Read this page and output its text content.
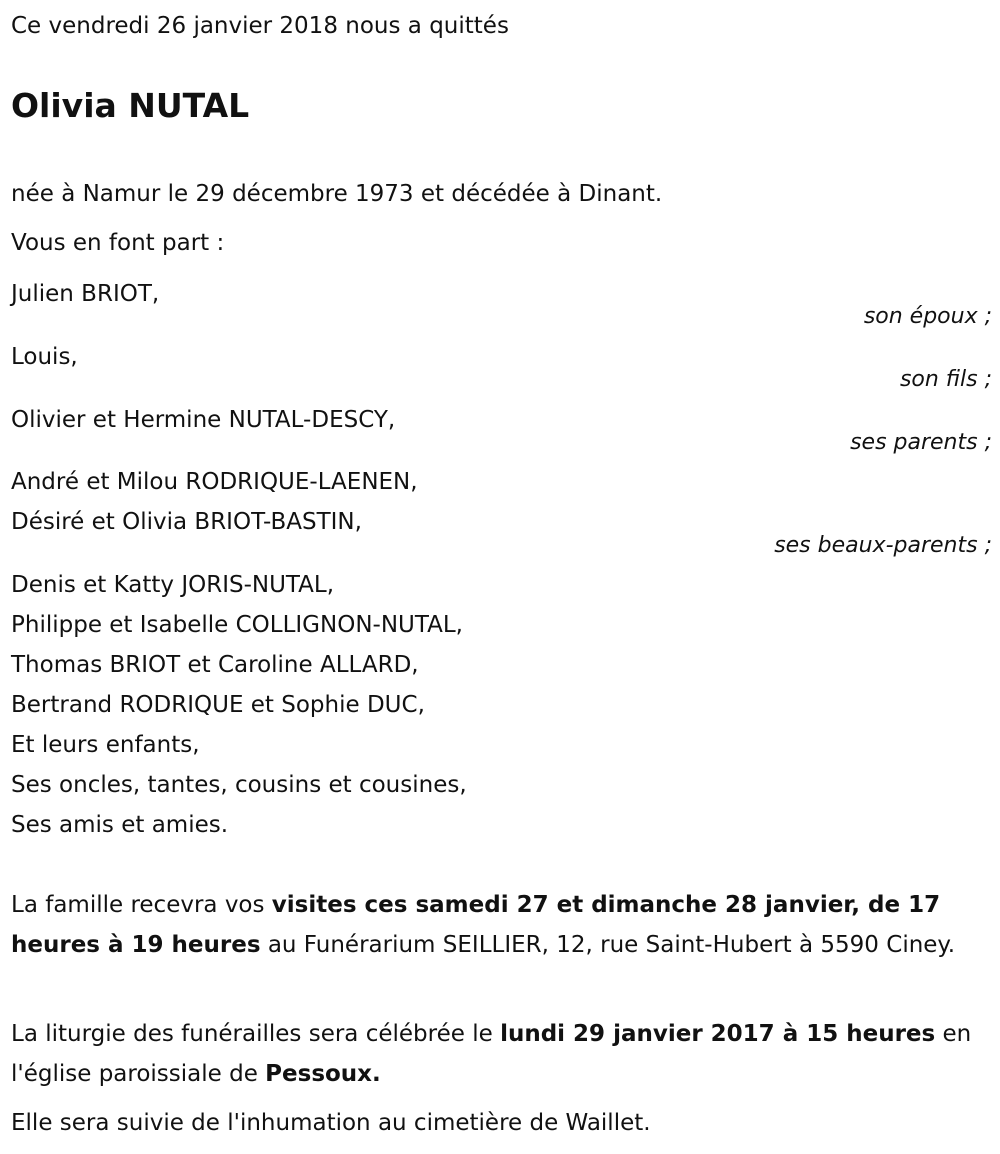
Ce vendredi 26 janvier 2018 nous a quittés
Olivia NUTAL
née à Namur le 29 décembre 1973 et décédée à Dinant.
Vous en font part :
Julien BRIOT,
son époux ;
Louis,
son fils ;
Olivier et Hermine NUTAL-DESCY,
ses parents ;
André et Milou RODRIQUE-LAENEN,
Désiré et Olivia BRIOT-BASTIN,
ses beaux-parents ;
Denis et Katty JORIS-NUTAL,
Philippe et Isabelle COLLIGNON-NUTAL,
Thomas BRIOT et Caroline ALLARD,
Bertrand RODRIQUE et Sophie DUC,
Et leurs enfants,
Ses oncles, tantes, cousins et cousines,
Ses amis et amies.
La famille recevra vos visites ces samedi 27 et dimanche 28 janvier, de 17 heures à 19 heures au Funérarium SEILLIER, 12, rue Saint-Hubert à 5590 Ciney.
La liturgie des funérailles sera célébrée le lundi 29 janvier 2017 à 15 heures en l'église paroissiale de Pessoux.
Elle sera suivie de l'inhumation au cimetière de Waillet.
